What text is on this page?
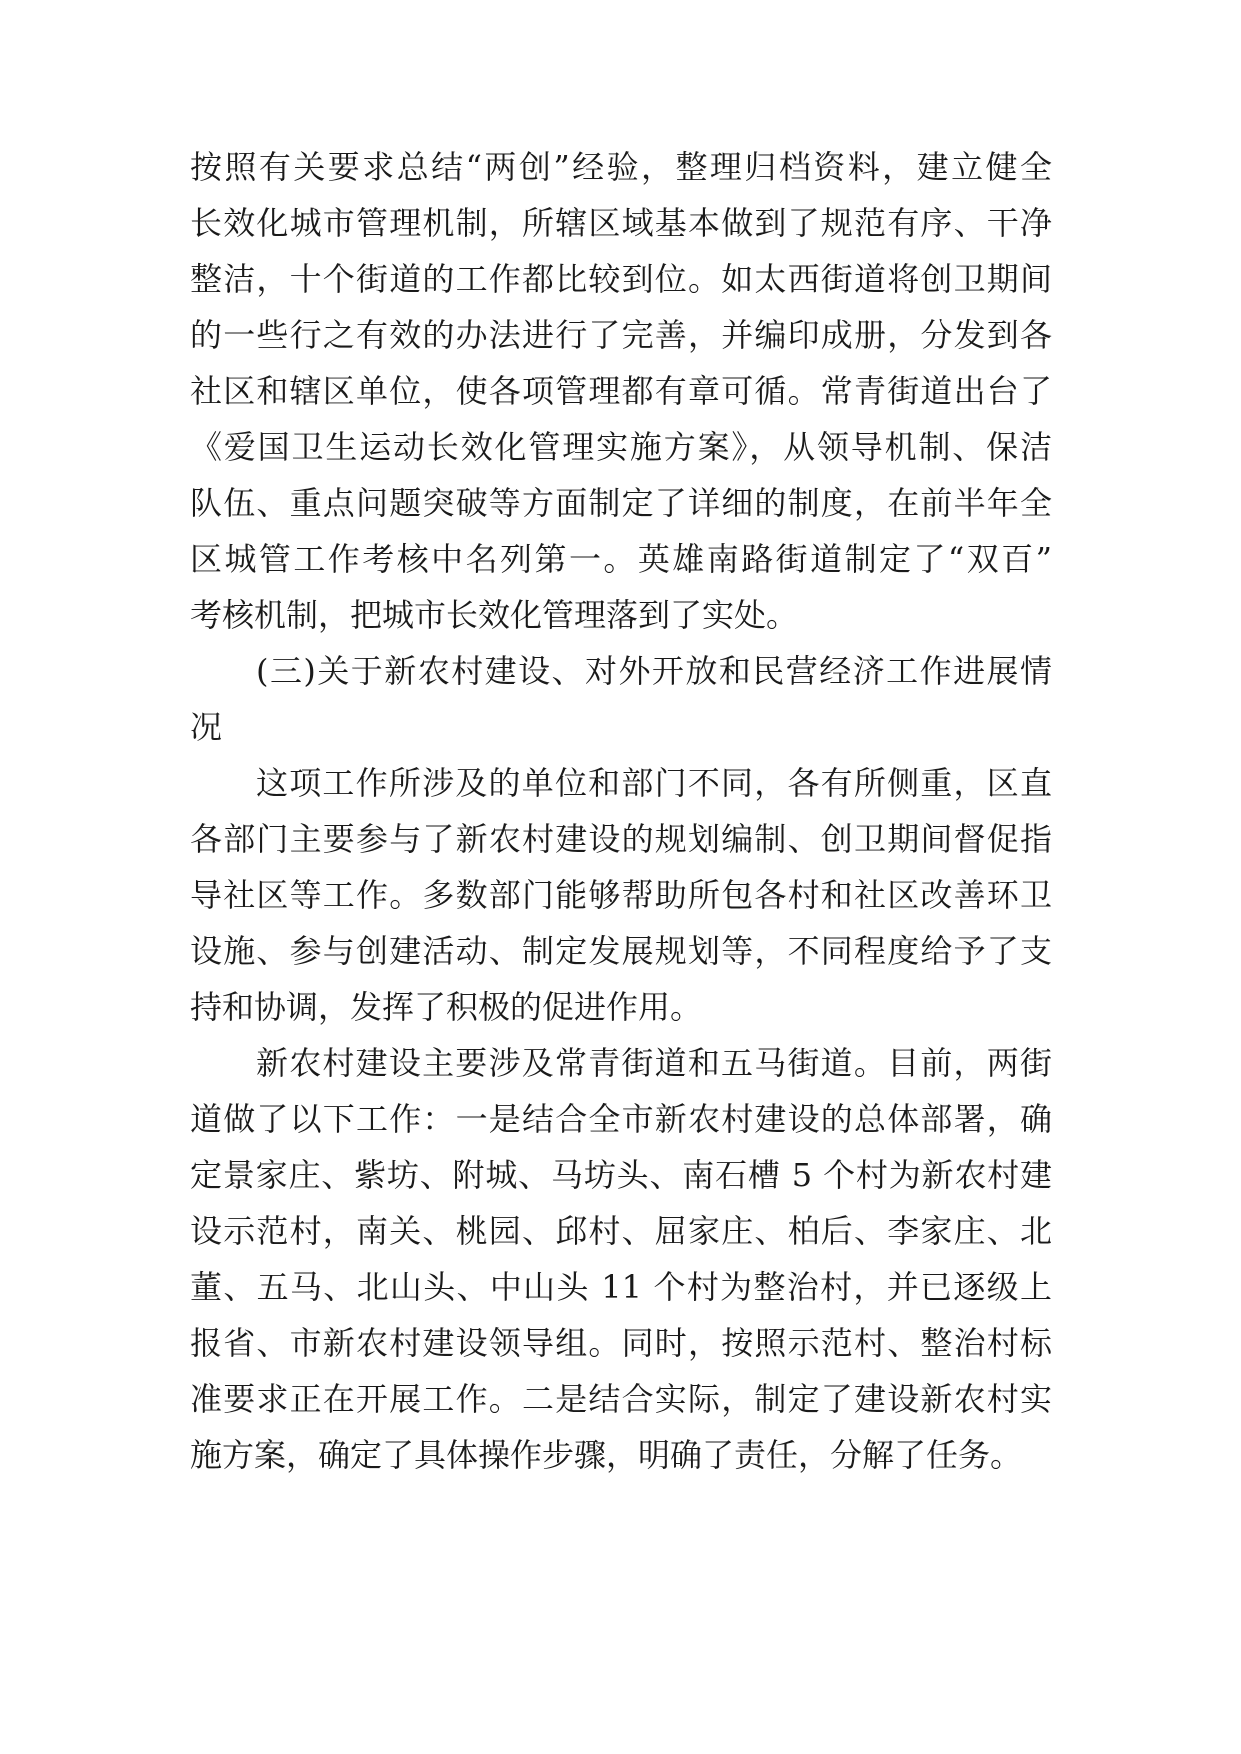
按照有关要求总结“两创”经验，整理归档资料，建立健全
长效化城市管理机制，所辖区域基本做到了规范有序、干净
整洁，十个街道的工作都比较到位。如太西街道将创卫期间
的一些行之有效的办法进行了完善，并编印成册，分发到各
社区和辖区单位，使各项管理都有章可循。常青街道出台了
《爱国卫生运动长效化管理实施方案》，从领导机制、保洁
队伍、重点问题突破等方面制定了详细的制度，在前半年全
区城管工作考核中名列第一。英雄南路街道制定了“双百”
考核机制，把城市长效化管理落到了实处。
(三)关于新农村建设、对外开放和民营经济工作进展情
况
这项工作所涉及的单位和部门不同，各有所侧重，区直
各部门主要参与了新农村建设的规划编制、创卫期间督促指
导社区等工作。多数部门能够帮助所包各村和社区改善环卫
设施、参与创建活动、制定发展规划等，不同程度给予了支
持和协调，发挥了积极的促进作用。
新农村建设主要涉及常青街道和五马街道。目前，两街
道做了以下工作：一是结合全市新农村建设的总体部署，确
定景家庄、紫坊、附城、马坊头、南石槽 5 个村为新农村建
设示范村，南关、桃园、邱村、屈家庄、柏后、李家庄、北
董、五马、北山头、中山头 11 个村为整治村，并已逐级上
报省、市新农村建设领导组。同时，按照示范村、整治村标
准要求正在开展工作。二是结合实际，制定了建设新农村实
施方案，确定了具体操作步骤，明确了责任，分解了任务。
